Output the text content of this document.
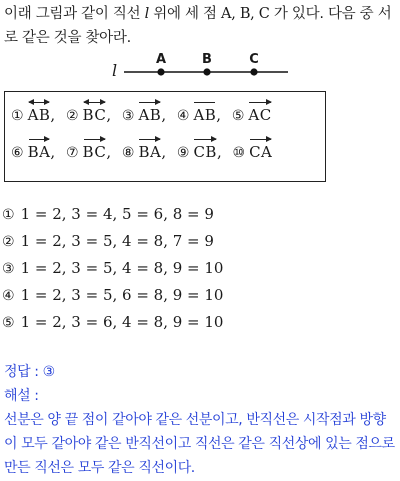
이래 그림과 같이 직선 l 위에 세 점 A, B, C 가 있다. 다음 중 서로 같은 것을 찾아라.
l
A	B	C
① AB, ② BC, ③ AB, ④ AB, ⑤ AC
⑥ BA, ⑦ BC, ⑧ BA, ⑨ CB, ⑩ CA
① 1 = 2, 3 = 4, 5 = 6, 8 = 9
② 1 = 2, 3 = 5, 4 = 8, 7 = 9
③ 1 = 2, 3 = 5, 4 = 8, 9 = 10
④ 1 = 2, 3 = 5, 6 = 8, 9 = 10
⑤ 1 = 2, 3 = 6, 4 = 8, 9 = 10
정답 : ③
해설 :
선분은 양 끝 점이 같아야 같은 선분이고, 반직선은 시작점과 방향이 모두 같아야 같은 반직선이고 직선은 같은 직선상에 있는 점으로 만든 직선은 모두 같은 직선이다.
